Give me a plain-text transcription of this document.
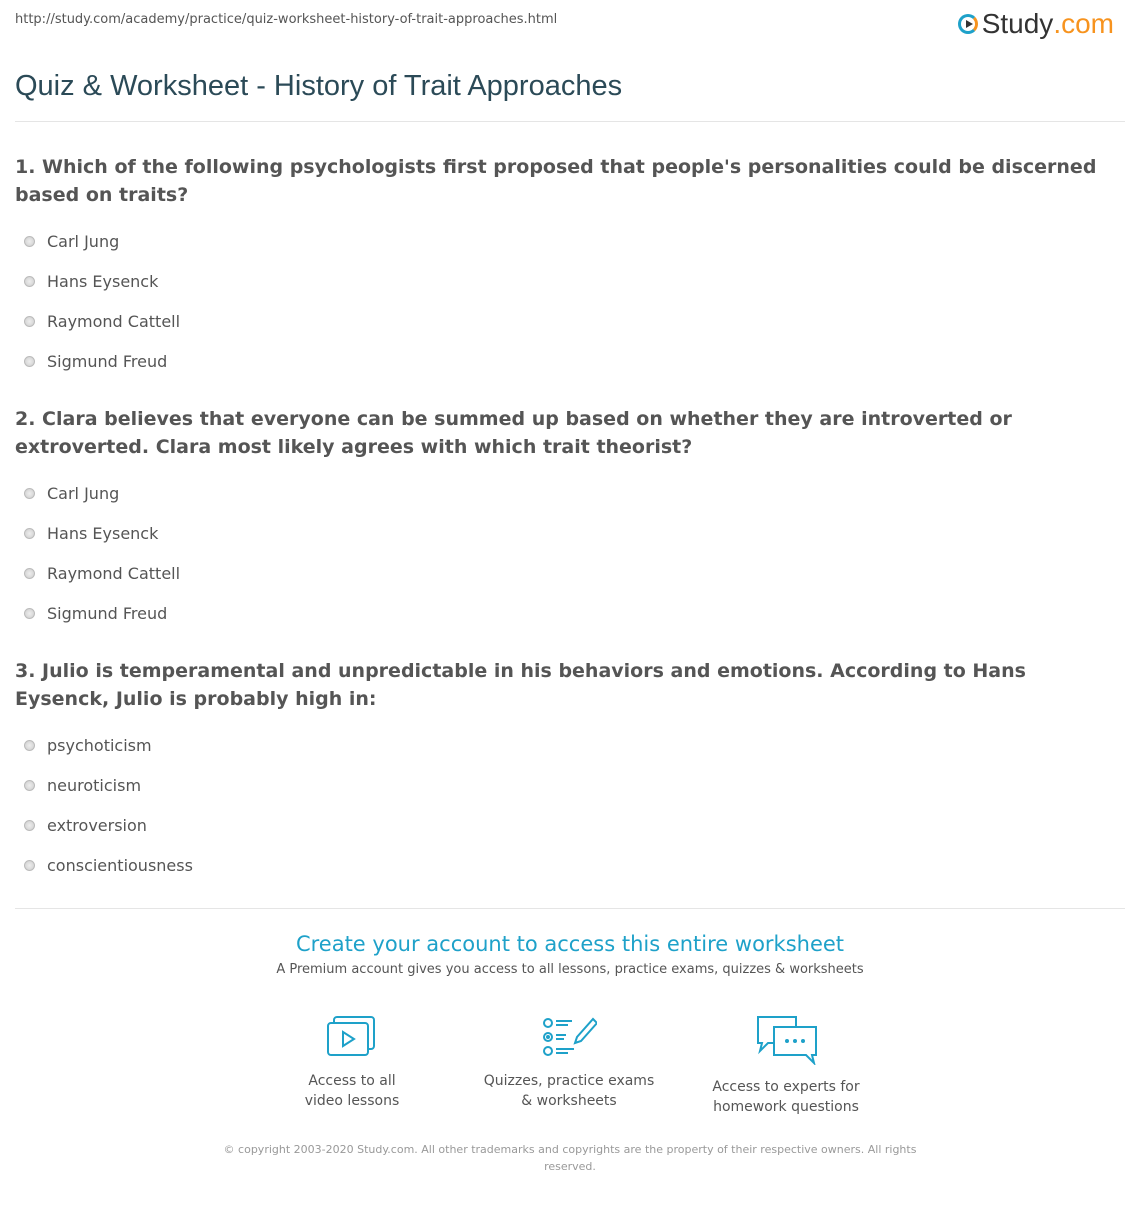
http://study.com/academy/practice/quiz-worksheet-history-of-trait-approaches.html	Study .com
Quiz & Worksheet - History of Trait Approaches

1. Which of the following psychologists first proposed that people's personalities could be discerned based on traits?

Carl Jung
Hans Eysenck
Raymond Cattell
Sigmund Freud

2. Clara believes that everyone can be summed up based on whether they are introverted or extroverted. Clara most likely agrees with which trait theorist?

Carl Jung
Hans Eysenck
Raymond Cattell
Sigmund Freud

3. Julio is temperamental and unpredictable in his behaviors and emotions. According to Hans Eysenck, Julio is probably high in:

psychoticism
neuroticism
extroversion
conscientiousness
Create your account to access this entire worksheet

A Premium account gives you access to all lessons, practice exams, quizzes & worksheets

Access to all
video lessons
Quizzes, practice exams
& worksheets
Access to experts for
homework questions
© copyright 2003-2020 Study.com. All other trademarks and copyrights are the property of their respective owners. All rights reserved.
